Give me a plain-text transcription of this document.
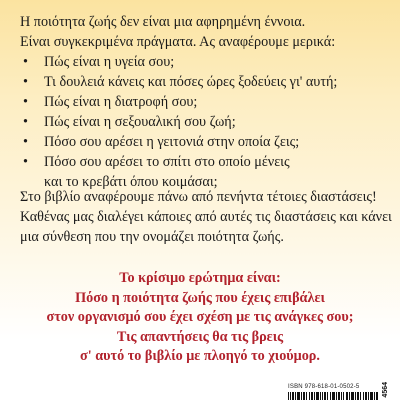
Η ποιότητα ζωής δεν είναι μια αφηρημένη έννοια.

Είναι συγκεκριμένα πράγματα. Ας αναφέρουμε μερικά:

• Πώς είναι η υγεία σου;
• Τι δουλειά κάνεις και πόσες ώρες ξοδεύεις γι' αυτή;
• Πώς είναι η διατροφή σου;
• Πώς είναι η σεξουαλική σου ζωή;
• Πόσο σου αρέσει η γειτονιά στην οποία ζεις;
• Πόσο σου αρέσει το σπίτι στο οποίο μένεις
και το κρεβάτι όπου κοιμάσαι;

Στο βιβλίο αναφέρουμε πάνω από πενήντα τέτοιες διαστάσεις!

Καθένας μας διαλέγει κάποιες από αυτές τις διαστάσεις και κάνει

μια σύνθεση που την ονομάζει ποιότητα ζωής.

Το κρίσιμο ερώτημα είναι:

Πόσο η ποιότητα ζωής που έχεις επιβάλει

στον οργανισμό σου έχει σχέση με τις ανάγκες σου;

Τις απαντήσεις θα τις βρεις

σ' αυτό το βιβλίο με πλοηγό το χιούμορ.

ISBN 978-618-01-0502-5	4564
